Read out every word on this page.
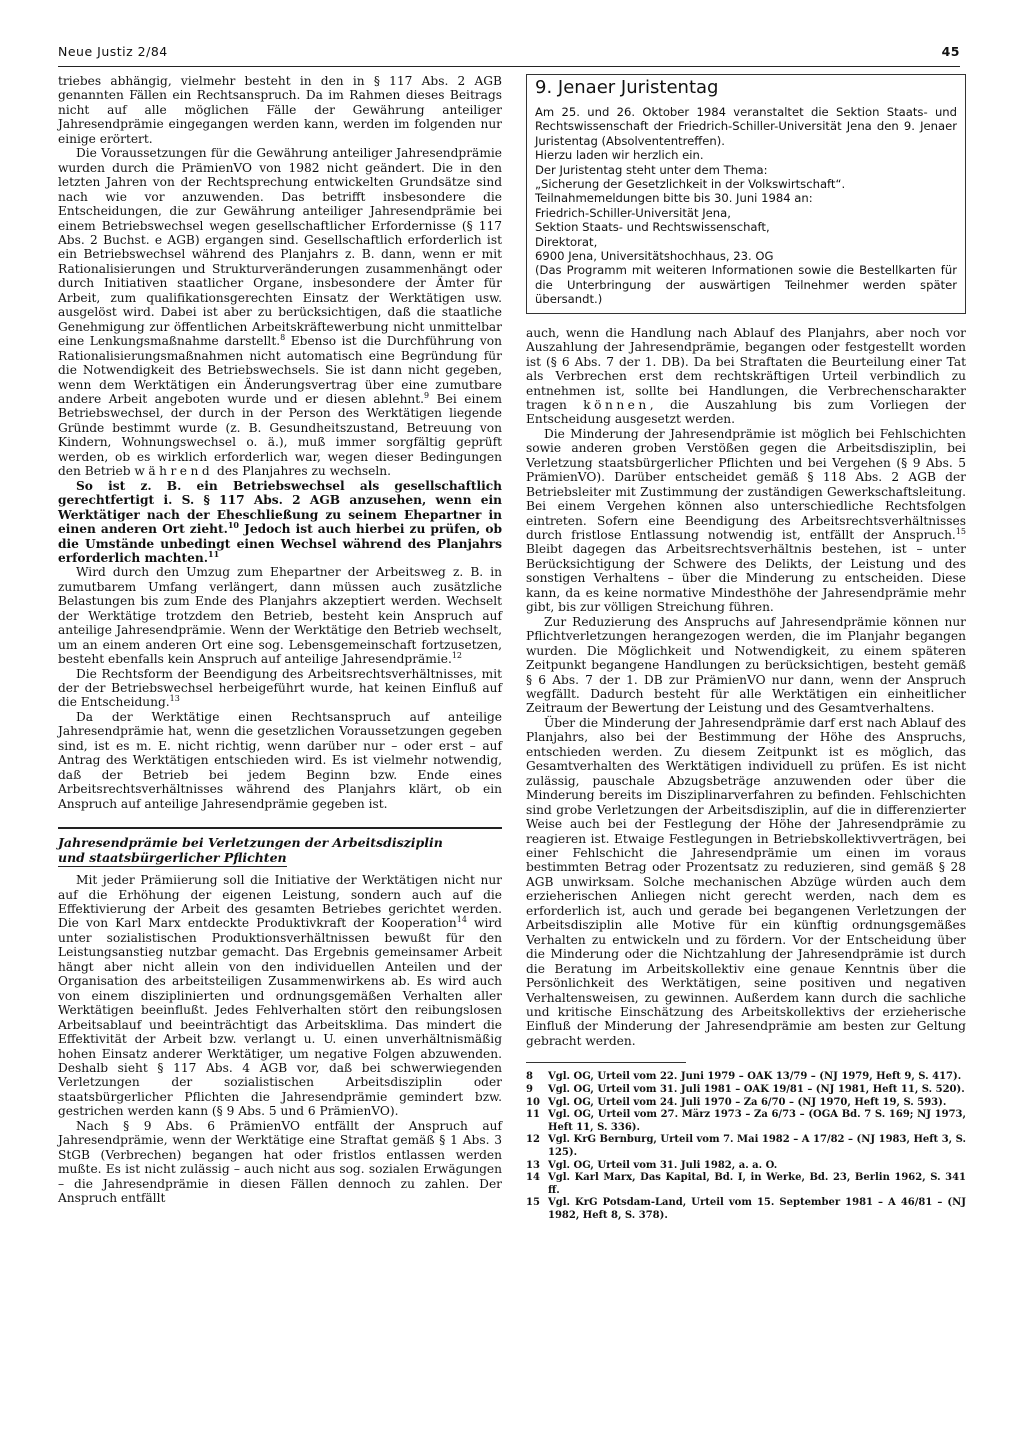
Neue Justiz 2/84	45

triebes abhängig, vielmehr besteht in den in § 117 Abs. 2 AGB genannten Fällen ein Rechtsanspruch. Da im Rahmen dieses Beitrags nicht auf alle möglichen Fälle der Gewährung anteiliger Jahresendprämie eingegangen werden kann, werden im folgenden nur einige erörtert.

Die Voraussetzungen für die Gewährung anteiliger Jahresendprämie wurden durch die PrämienVO von 1982 nicht geändert. Die in den letzten Jahren von der Rechtsprechung entwickelten Grundsätze sind nach wie vor anzuwenden. Das betrifft insbesondere die Entscheidungen, die zur Gewährung anteiliger Jahresendprämie bei einem Betriebswechsel wegen gesellschaftlicher Erfordernisse (§ 117 Abs. 2 Buchst. e AGB) ergangen sind. Gesellschaftlich erforderlich ist ein Betriebswechsel während des Planjahrs z. B. dann, wenn er mit Rationalisierungen und Strukturveränderungen zusammenhängt oder durch Initiativen staatlicher Organe, insbesondere der Ämter für Arbeit, zum qualifikationsgerechten Einsatz der Werktätigen usw. ausgelöst wird. Dabei ist aber zu berücksichtigen, daß die staatliche Genehmigung zur öffentlichen Arbeitskräftewerbung nicht unmittelbar eine Lenkungsmaßnahme darstellt.$^8$ Ebenso ist die Durchführung von Rationalisierungsmaßnahmen nicht automatisch eine Begründung für die Notwendigkeit des Betriebswechsels. Sie ist dann nicht gegeben, wenn dem Werktätigen ein Änderungsvertrag über eine zumutbare andere Arbeit angeboten wurde und er diesen ablehnt.$^9$ Bei einem Betriebswechsel, der durch in der Person des Werktätigen liegende Gründe bestimmt wurde (z. B. Gesundheitszustand, Betreuung von Kindern, Wohnungswechsel o. ä.), muß immer sorgfältig geprüft werden, ob es wirklich erforderlich war, wegen dieser Bedingungen den Betrieb während des Planjahres zu wechseln.

So ist z. B. ein Betriebswechsel als gesellschaftlich gerechtfertigt i. S. § 117 Abs. 2 AGB anzusehen, wenn ein Werktätiger nach der Eheschließung zu seinem Ehepartner in einen anderen Ort zieht.$^{10}$ Jedoch ist auch hierbei zu prüfen, ob die Umstände unbedingt einen Wechsel während des Planjahrs erforderlich machten.$^{11}$

Wird durch den Umzug zum Ehepartner der Arbeitsweg z. B. in zumutbarem Umfang verlängert, dann müssen auch zusätzliche Belastungen bis zum Ende des Planjahrs akzeptiert werden. Wechselt der Werktätige trotzdem den Betrieb, besteht kein Anspruch auf anteilige Jahresendprämie. Wenn der Werktätige den Betrieb wechselt, um an einem anderen Ort eine sog. Lebensgemeinschaft fortzusetzen, besteht ebenfalls kein Anspruch auf anteilige Jahresendprämie.$^{12}$

Die Rechtsform der Beendigung des Arbeitsrechtsverhältnisses, mit der der Betriebswechsel herbeigeführt wurde, hat keinen Einfluß auf die Entscheidung.$^{13}$

Da der Werktätige einen Rechtsanspruch auf anteilige Jahresendprämie hat, wenn die gesetzlichen Voraussetzungen gegeben sind, ist es m. E. nicht richtig, wenn darüber nur – oder erst – auf Antrag des Werktätigen entschieden wird. Es ist vielmehr notwendig, daß der Betrieb bei jedem Beginn bzw. Ende eines Arbeitsrechtsverhältnisses während des Planjahrs klärt, ob ein Anspruch auf anteilige Jahresendprämie gegeben ist.

Jahresendprämie bei Verletzungen der Arbeitsdisziplin
und staatsbürgerlicher Pflichten

Mit jeder Prämiierung soll die Initiative der Werktätigen nicht nur auf die Erhöhung der eigenen Leistung, sondern auch auf die Effektivierung der Arbeit des gesamten Betriebes gerichtet werden. Die von Karl Marx entdeckte Produktivkraft der Kooperation$^{14}$ wird unter sozialistischen Produktionsverhältnissen bewußt für den Leistungsanstieg nutzbar gemacht. Das Ergebnis gemeinsamer Arbeit hängt aber nicht allein von den individuellen Anteilen und der Organisation des arbeitsteiligen Zusammenwirkens ab. Es wird auch von einem disziplinierten und ordnungsgemäßen Verhalten aller Werktätigen beeinflußt. Jedes Fehlverhalten stört den reibungslosen Arbeitsablauf und beeinträchtigt das Arbeitsklima. Das mindert die Effektivität der Arbeit bzw. verlangt u. U. einen unverhältnismäßig hohen Einsatz anderer Werktätiger, um negative Folgen abzuwenden. Deshalb sieht § 117 Abs. 4 AGB vor, daß bei schwerwiegenden Verletzungen der sozialistischen Arbeitsdisziplin oder staatsbürgerlicher Pflichten die Jahresendprämie gemindert bzw. gestrichen werden kann (§ 9 Abs. 5 und 6 PrämienVO).

Nach § 9 Abs. 6 PrämienVO entfällt der Anspruch auf Jahresendprämie, wenn der Werktätige eine Straftat gemäß § 1 Abs. 3 StGB (Verbrechen) begangen hat oder fristlos entlassen werden mußte. Es ist nicht zulässig – auch nicht aus sog. sozialen Erwägungen – die Jahresendprämie in diesen Fällen dennoch zu zahlen. Der Anspruch entfällt

9. Jenaer Juristentag
Am 25. und 26. Oktober 1984 veranstaltet die Sektion Staats- und Rechtswissenschaft der Friedrich-Schiller-Universität Jena den 9. Jenaer Juristentag (Absolvententreffen).
Hierzu laden wir herzlich ein.
Der Juristentag steht unter dem Thema:
„Sicherung der Gesetzlichkeit in der Volkswirtschaft“.
Teilnahmemeldungen bitte bis 30. Juni 1984 an:
Friedrich-Schiller-Universität Jena,
Sektion Staats- und Rechtswissenschaft,
Direktorat,
6900 Jena, Universitätshochhaus, 23. OG
(Das Programm mit weiteren Informationen sowie die Bestellkarten für die Unterbringung der auswärtigen Teilnehmer werden später übersandt.)

auch, wenn die Handlung nach Ablauf des Planjahrs, aber noch vor Auszahlung der Jahresendprämie, begangen oder festgestellt worden ist (§ 6 Abs. 7 der 1. DB). Da bei Straftaten die Beurteilung einer Tat als Verbrechen erst dem rechtskräftigen Urteil verbindlich zu entnehmen ist, sollte bei Handlungen, die Verbrechenscharakter tragen können, die Auszahlung bis zum Vorliegen der Entscheidung ausgesetzt werden.

Die Minderung der Jahresendprämie ist möglich bei Fehlschichten sowie anderen groben Verstößen gegen die Arbeitsdisziplin, bei Verletzung staatsbürgerlicher Pflichten und bei Vergehen (§ 9 Abs. 5 PrämienVO). Darüber entscheidet gemäß § 118 Abs. 2 AGB der Betriebsleiter mit Zustimmung der zuständigen Gewerkschaftsleitung. Bei einem Vergehen können also unterschiedliche Rechtsfolgen eintreten. Sofern eine Beendigung des Arbeitsrechtsverhältnisses durch fristlose Entlassung notwendig ist, entfällt der Anspruch.$^{15}$ Bleibt dagegen das Arbeitsrechtsverhältnis bestehen, ist – unter Berücksichtigung der Schwere des Delikts, der Leistung und des sonstigen Verhaltens – über die Minderung zu entscheiden. Diese kann, da es keine normative Mindesthöhe der Jahresendprämie mehr gibt, bis zur völligen Streichung führen.

Zur Reduzierung des Anspruchs auf Jahresendprämie können nur Pflichtverletzungen herangezogen werden, die im Planjahr begangen wurden. Die Möglichkeit und Notwendigkeit, zu einem späteren Zeitpunkt begangene Handlungen zu berücksichtigen, besteht gemäß § 6 Abs. 7 der 1. DB zur PrämienVO nur dann, wenn der Anspruch wegfällt. Dadurch besteht für alle Werktätigen ein einheitlicher Zeitraum der Bewertung der Leistung und des Gesamtverhaltens.

Über die Minderung der Jahresendprämie darf erst nach Ablauf des Planjahrs, also bei der Bestimmung der Höhe des Anspruchs, entschieden werden. Zu diesem Zeitpunkt ist es möglich, das Gesamtverhalten des Werktätigen individuell zu prüfen. Es ist nicht zulässig, pauschale Abzugsbeträge anzuwenden oder über die Minderung bereits im Disziplinarverfahren zu befinden. Fehlschichten sind grobe Verletzungen der Arbeitsdisziplin, auf die in differenzierter Weise auch bei der Festlegung der Höhe der Jahresendprämie zu reagieren ist. Etwaige Festlegungen in Betriebskollektivverträgen, bei einer Fehlschicht die Jahresendprämie um einen im voraus bestimmten Betrag oder Prozentsatz zu reduzieren, sind gemäß § 28 AGB unwirksam. Solche mechanischen Abzüge würden auch dem erzieherischen Anliegen nicht gerecht werden, nach dem es erforderlich ist, auch und gerade bei begangenen Verletzungen der Arbeitsdisziplin alle Motive für ein künftig ordnungsgemäßes Verhalten zu entwickeln und zu fördern. Vor der Entscheidung über die Minderung oder die Nichtzahlung der Jahresendprämie ist durch die Beratung im Arbeitskollektiv eine genaue Kenntnis über die Persönlichkeit des Werktätigen, seine positiven und negativen Verhaltensweisen, zu gewinnen. Außerdem kann durch die sachliche und kritische Einschätzung des Arbeitskollektivs der erzieherische Einfluß der Minderung der Jahresendprämie am besten zur Geltung gebracht werden.

8	Vgl. OG, Urteil vom 22. Juni 1979 – OAK 13/79 – (NJ 1979, Heft 9, S. 417).
9	Vgl. OG, Urteil vom 31. Juli 1981 – OAK 19/81 – (NJ 1981, Heft 11, S. 520).
10 Vgl. OG, Urteil vom 24. Juli 1970 – Za 6/70 – (NJ 1970, Heft 19, S. 593).
11 Vgl. OG, Urteil vom 27. März 1973 – Za 6/73 – (OGA Bd. 7 S. 169; NJ 1973, Heft 11, S. 336).
12 Vgl. KrG Bernburg, Urteil vom 7. Mai 1982 – A 17/82 – (NJ 1983, Heft 3, S. 125).
13 Vgl. OG, Urteil vom 31. Juli 1982, a. a. O.
14 Vgl. Karl Marx, Das Kapital, Bd. I, in Werke, Bd. 23, Berlin 1962, S. 341 ff.
15 Vgl. KrG Potsdam-Land, Urteil vom 15. September 1981 – A 46/81 – (NJ 1982, Heft 8, S. 378).
